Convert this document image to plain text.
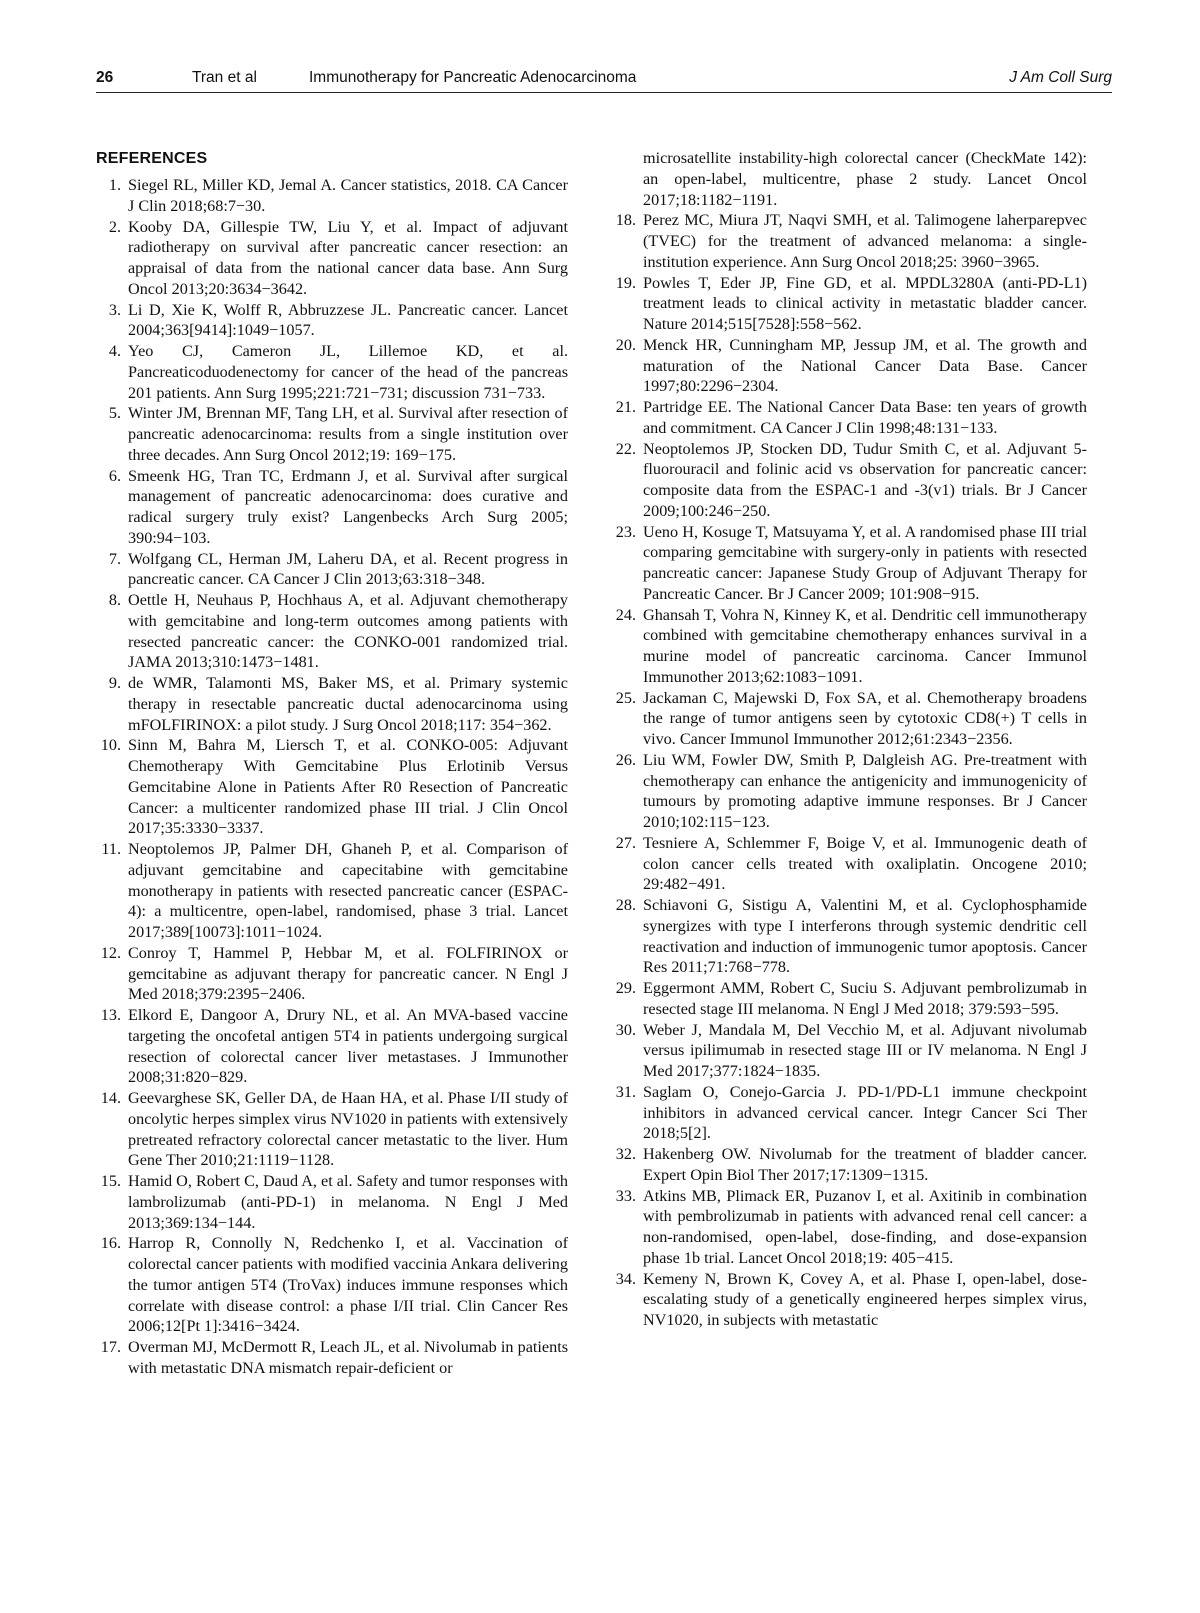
26	Tran et al	Immunotherapy for Pancreatic Adenocarcinoma	J Am Coll Surg
REFERENCES

1. Siegel RL, Miller KD, Jemal A. Cancer statistics, 2018. CA Cancer J Clin 2018;68:7−30.

2. Kooby DA, Gillespie TW, Liu Y, et al. Impact of adjuvant radiotherapy on survival after pancreatic cancer resection: an appraisal of data from the national cancer data base. Ann Surg Oncol 2013;20:3634−3642.

3. Li D, Xie K, Wolff R, Abbruzzese JL. Pancreatic cancer. Lancet 2004;363[9414]:1049−1057.

4. Yeo CJ, Cameron JL, Lillemoe KD, et al. Pancreaticoduodenectomy for cancer of the head of the pancreas 201 patients. Ann Surg 1995;221:721−731; discussion 731−733.

5. Winter JM, Brennan MF, Tang LH, et al. Survival after resection of pancreatic adenocarcinoma: results from a single institution over three decades. Ann Surg Oncol 2012;19: 169−175.

6. Smeenk HG, Tran TC, Erdmann J, et al. Survival after surgical management of pancreatic adenocarcinoma: does curative and radical surgery truly exist? Langenbecks Arch Surg 2005; 390:94−103.

7. Wolfgang CL, Herman JM, Laheru DA, et al. Recent progress in pancreatic cancer. CA Cancer J Clin 2013;63:318−348.

8. Oettle H, Neuhaus P, Hochhaus A, et al. Adjuvant chemotherapy with gemcitabine and long-term outcomes among patients with resected pancreatic cancer: the CONKO-001 randomized trial. JAMA 2013;310:1473−1481.

9. de WMR, Talamonti MS, Baker MS, et al. Primary systemic therapy in resectable pancreatic ductal adenocarcinoma using mFOLFIRINOX: a pilot study. J Surg Oncol 2018;117: 354−362.

10. Sinn M, Bahra M, Liersch T, et al. CONKO-005: Adjuvant Chemotherapy With Gemcitabine Plus Erlotinib Versus Gemcitabine Alone in Patients After R0 Resection of Pancreatic Cancer: a multicenter randomized phase III trial. J Clin Oncol 2017;35:3330−3337.

11. Neoptolemos JP, Palmer DH, Ghaneh P, et al. Comparison of adjuvant gemcitabine and capecitabine with gemcitabine monotherapy in patients with resected pancreatic cancer (ESPAC-4): a multicentre, open-label, randomised, phase 3 trial. Lancet 2017;389[10073]:1011−1024.

12. Conroy T, Hammel P, Hebbar M, et al. FOLFIRINOX or gemcitabine as adjuvant therapy for pancreatic cancer. N Engl J Med 2018;379:2395−2406.

13. Elkord E, Dangoor A, Drury NL, et al. An MVA-based vaccine targeting the oncofetal antigen 5T4 in patients undergoing surgical resection of colorectal cancer liver metastases. J Immunother 2008;31:820−829.

14. Geevarghese SK, Geller DA, de Haan HA, et al. Phase I/II study of oncolytic herpes simplex virus NV1020 in patients with extensively pretreated refractory colorectal cancer metastatic to the liver. Hum Gene Ther 2010;21:1119−1128.

15. Hamid O, Robert C, Daud A, et al. Safety and tumor responses with lambrolizumab (anti-PD-1) in melanoma. N Engl J Med 2013;369:134−144.

16. Harrop R, Connolly N, Redchenko I, et al. Vaccination of colorectal cancer patients with modified vaccinia Ankara delivering the tumor antigen 5T4 (TroVax) induces immune responses which correlate with disease control: a phase I/II trial. Clin Cancer Res 2006;12[Pt 1]:3416−3424.

17. Overman MJ, McDermott R, Leach JL, et al. Nivolumab in patients with metastatic DNA mismatch repair-deficient or

microsatellite instability-high colorectal cancer (CheckMate 142): an open-label, multicentre, phase 2 study. Lancet Oncol 2017;18:1182−1191.

18. Perez MC, Miura JT, Naqvi SMH, et al. Talimogene laherparepvec (TVEC) for the treatment of advanced melanoma: a single-institution experience. Ann Surg Oncol 2018;25: 3960−3965.

19. Powles T, Eder JP, Fine GD, et al. MPDL3280A (anti-PD-L1) treatment leads to clinical activity in metastatic bladder cancer. Nature 2014;515[7528]:558−562.

20. Menck HR, Cunningham MP, Jessup JM, et al. The growth and maturation of the National Cancer Data Base. Cancer 1997;80:2296−2304.

21. Partridge EE. The National Cancer Data Base: ten years of growth and commitment. CA Cancer J Clin 1998;48:131−133.

22. Neoptolemos JP, Stocken DD, Tudur Smith C, et al. Adjuvant 5-fluorouracil and folinic acid vs observation for pancreatic cancer: composite data from the ESPAC-1 and -3(v1) trials. Br J Cancer 2009;100:246−250.

23. Ueno H, Kosuge T, Matsuyama Y, et al. A randomised phase III trial comparing gemcitabine with surgery-only in patients with resected pancreatic cancer: Japanese Study Group of Adjuvant Therapy for Pancreatic Cancer. Br J Cancer 2009; 101:908−915.

24. Ghansah T, Vohra N, Kinney K, et al. Dendritic cell immunotherapy combined with gemcitabine chemotherapy enhances survival in a murine model of pancreatic carcinoma. Cancer Immunol Immunother 2013;62:1083−1091.

25. Jackaman C, Majewski D, Fox SA, et al. Chemotherapy broadens the range of tumor antigens seen by cytotoxic CD8(+) T cells in vivo. Cancer Immunol Immunother 2012;61:2343−2356.

26. Liu WM, Fowler DW, Smith P, Dalgleish AG. Pre-treatment with chemotherapy can enhance the antigenicity and immunogenicity of tumours by promoting adaptive immune responses. Br J Cancer 2010;102:115−123.

27. Tesniere A, Schlemmer F, Boige V, et al. Immunogenic death of colon cancer cells treated with oxaliplatin. Oncogene 2010; 29:482−491.

28. Schiavoni G, Sistigu A, Valentini M, et al. Cyclophosphamide synergizes with type I interferons through systemic dendritic cell reactivation and induction of immunogenic tumor apoptosis. Cancer Res 2011;71:768−778.

29. Eggermont AMM, Robert C, Suciu S. Adjuvant pembrolizumab in resected stage III melanoma. N Engl J Med 2018; 379:593−595.

30. Weber J, Mandala M, Del Vecchio M, et al. Adjuvant nivolumab versus ipilimumab in resected stage III or IV melanoma. N Engl J Med 2017;377:1824−1835.

31. Saglam O, Conejo-Garcia J. PD-1/PD-L1 immune checkpoint inhibitors in advanced cervical cancer. Integr Cancer Sci Ther 2018;5[2].

32. Hakenberg OW. Nivolumab for the treatment of bladder cancer. Expert Opin Biol Ther 2017;17:1309−1315.

33. Atkins MB, Plimack ER, Puzanov I, et al. Axitinib in combination with pembrolizumab in patients with advanced renal cell cancer: a non-randomised, open-label, dose-finding, and dose-expansion phase 1b trial. Lancet Oncol 2018;19: 405−415.

34. Kemeny N, Brown K, Covey A, et al. Phase I, open-label, dose-escalating study of a genetically engineered herpes simplex virus, NV1020, in subjects with metastatic
